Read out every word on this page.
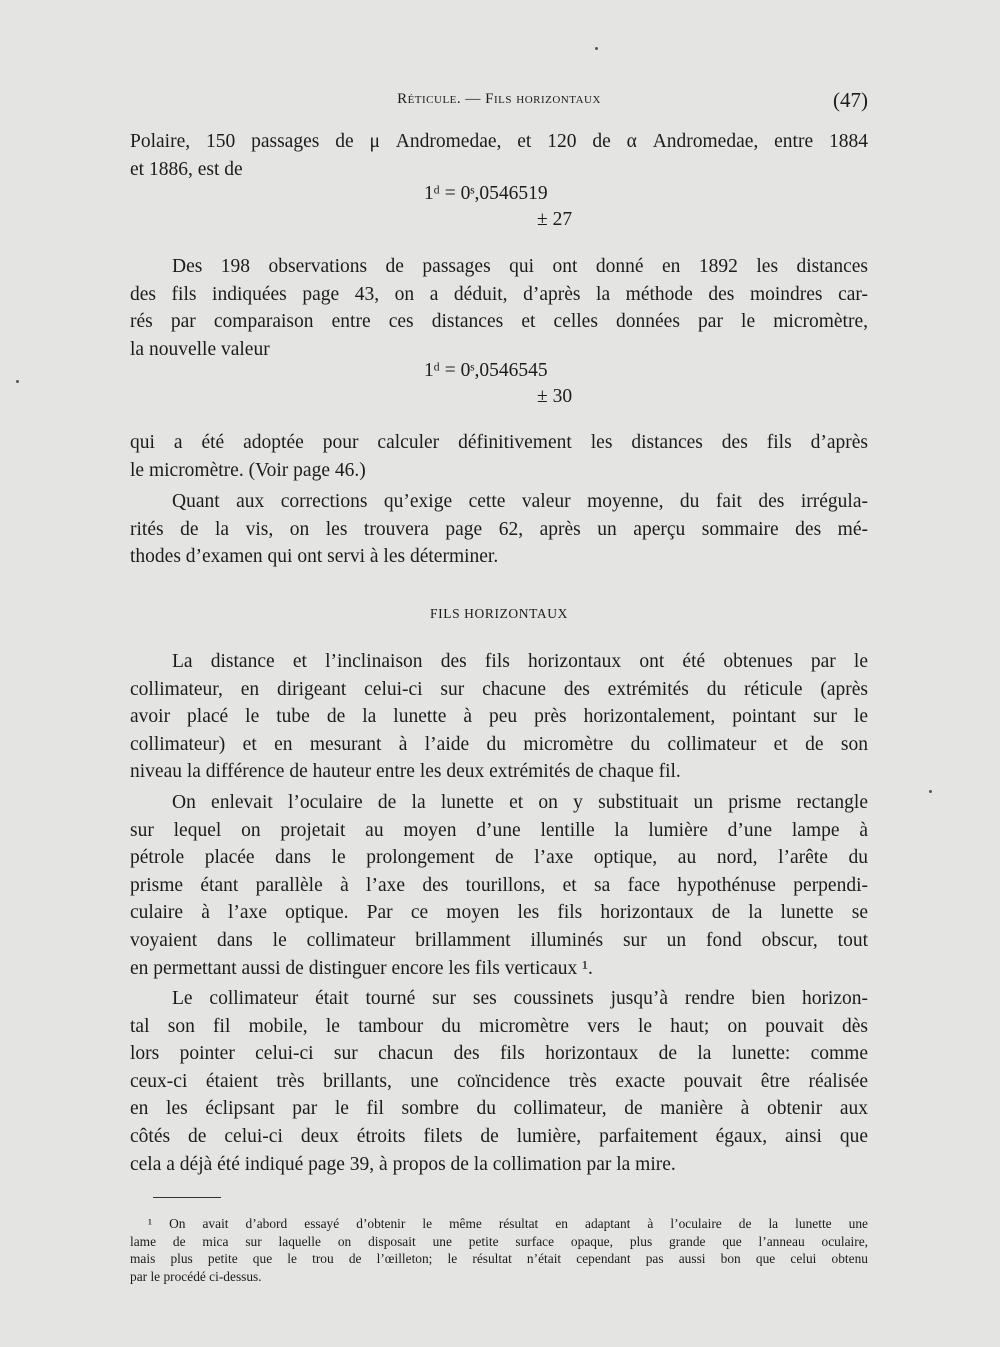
Réticule. — Fils horizontaux	(47)
Polaire, 150 passages de μ Andromedae, et 120 de α Andromedae, entre 1884
et 1886, est de
1ᵈ = 0ˢ,0546519
± 27
Des 198 observations de passages qui ont donné en 1892 les distances
des fils indiquées page 43, on a déduit, d’après la méthode des moindres car-
rés par comparaison entre ces distances et celles données par le micromètre,
la nouvelle valeur
1ᵈ = 0ˢ,0546545
± 30
qui a été adoptée pour calculer définitivement les distances des fils d’après
le micromètre. (Voir page 46.)
Quant aux corrections qu’exige cette valeur moyenne, du fait des irrégula-
rités de la vis, on les trouvera page 62, après un aperçu sommaire des mé-
thodes d’examen qui ont servi à les déterminer.
FILS HORIZONTAUX
La distance et l’inclinaison des fils horizontaux ont été obtenues par le
collimateur, en dirigeant celui-ci sur chacune des extrémités du réticule (après
avoir placé le tube de la lunette à peu près horizontalement, pointant sur le
collimateur) et en mesurant à l’aide du micromètre du collimateur et de son
niveau la différence de hauteur entre les deux extrémités de chaque fil.
On enlevait l’oculaire de la lunette et on y substituait un prisme rectangle
sur lequel on projetait au moyen d’une lentille la lumière d’une lampe à
pétrole placée dans le prolongement de l’axe optique, au nord, l’arête du
prisme étant parallèle à l’axe des tourillons, et sa face hypothénuse perpendi-
culaire à l’axe optique. Par ce moyen les fils horizontaux de la lunette se
voyaient dans le collimateur brillamment illuminés sur un fond obscur, tout
en permettant aussi de distinguer encore les fils verticaux ¹.
Le collimateur était tourné sur ses coussinets jusqu’à rendre bien horizon-
tal son fil mobile, le tambour du micromètre vers le haut; on pouvait dès
lors pointer celui-ci sur chacun des fils horizontaux de la lunette: comme
ceux-ci étaient très brillants, une coïncidence très exacte pouvait être réalisée
en les éclipsant par le fil sombre du collimateur, de manière à obtenir aux
côtés de celui-ci deux étroits filets de lumière, parfaitement égaux, ainsi que
cela a déjà été indiqué page 39, à propos de la collimation par la mire.
¹ On avait d’abord essayé d’obtenir le même résultat en adaptant à l’oculaire de la lunette une
lame de mica sur laquelle on disposait une petite surface opaque, plus grande que l’anneau oculaire,
mais plus petite que le trou de l’œilleton; le résultat n’était cependant pas aussi bon que celui obtenu
par le procédé ci-dessus.
